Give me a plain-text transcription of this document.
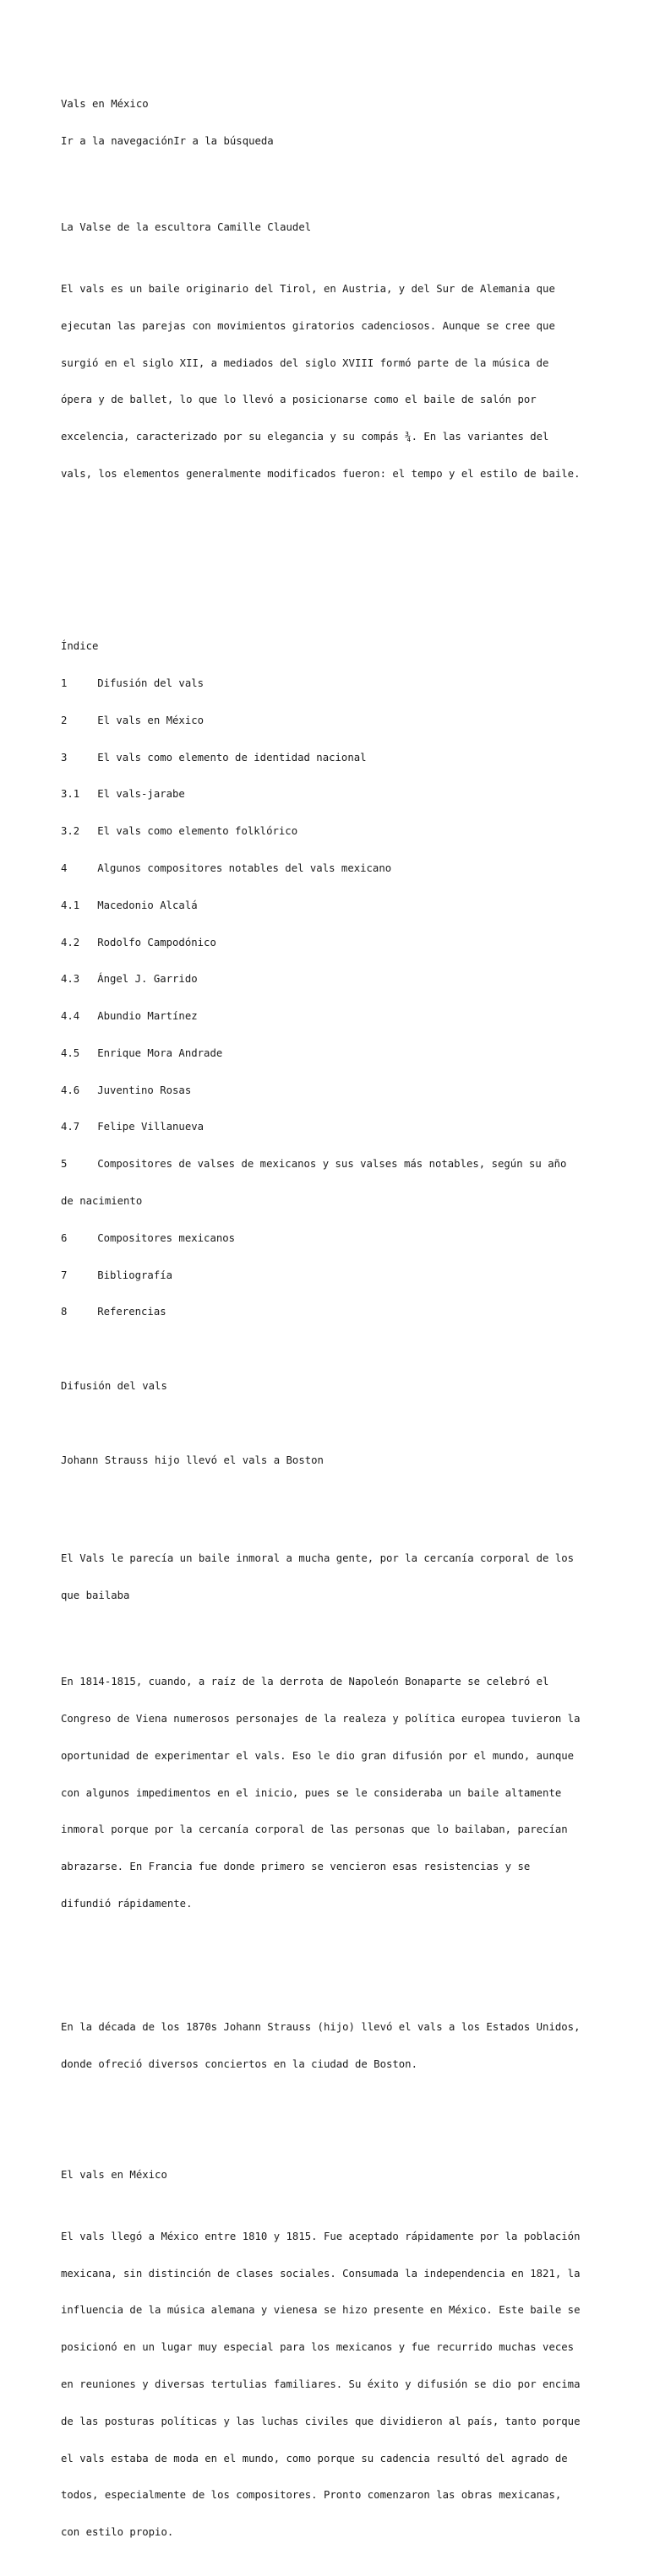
Vals en México

Ir a la navegaciónIr a la búsqueda

La Valse de la escultora Camille Claudel

El vals es un baile originario del Tirol, en Austria, y del Sur de Alemania que

ejecutan las parejas con movimientos giratorios cadenciosos. Aunque se cree que

surgió en el siglo XII, a mediados del siglo XVIII formó parte de la música de

ópera y de ballet, lo que lo llevó a posicionarse como el baile de salón por

excelencia, caracterizado por su elegancia y su compás ¾. En las variantes del

vals, los elementos generalmente modificados fueron: el tempo y el estilo de baile.

Índice

1	Difusión del vals

2	El vals en México

3	El vals como elemento de identidad nacional

3.1 El vals-jarabe

3.2 El vals como elemento folklórico

4	Algunos compositores notables del vals mexicano

4.1 Macedonio Alcalá

4.2 Rodolfo Campodónico

4.3 Ángel J. Garrido

4.4 Abundio Martínez

4.5 Enrique Mora Andrade

4.6 Juventino Rosas

4.7 Felipe Villanueva

5	Compositores de valses de mexicanos y sus valses más notables, según su año

de nacimiento

6	Compositores mexicanos

7	Bibliografía

8	Referencias

Difusión del vals

Johann Strauss hijo llevó el vals a Boston

El Vals le parecía un baile inmoral a mucha gente, por la cercanía corporal de los

que bailaba

En 1814-1815, cuando, a raíz de la derrota de Napoleón Bonaparte se celebró el

Congreso de Viena numerosos personajes de la realeza y política europea tuvieron la

oportunidad de experimentar el vals. Eso le dio gran difusión por el mundo, aunque

con algunos impedimentos en el inicio, pues se le consideraba un baile altamente

inmoral porque por la cercanía corporal de las personas que lo bailaban, parecían

abrazarse. En Francia fue donde primero se vencieron esas resistencias y se

difundió rápidamente.

En la década de los 1870s Johann Strauss (hijo) llevó el vals a los Estados Unidos,

donde ofreció diversos conciertos en la ciudad de Boston.

El vals en México

El vals llegó a México entre 1810 y 1815. Fue aceptado rápidamente por la población

mexicana, sin distinción de clases sociales. Consumada la independencia en 1821, la

influencia de la música alemana y vienesa se hizo presente en México. Este baile se

posicionó en un lugar muy especial para los mexicanos y fue recurrido muchas veces

en reuniones y diversas tertulias familiares. Su éxito y difusión se dio por encima

de las posturas políticas y las luchas civiles que dividieron al país, tanto porque

el vals estaba de moda en el mundo, como porque su cadencia resultó del agrado de

todos, especialmente de los compositores. Pronto comenzaron las obras mexicanas,

con estilo propio.
